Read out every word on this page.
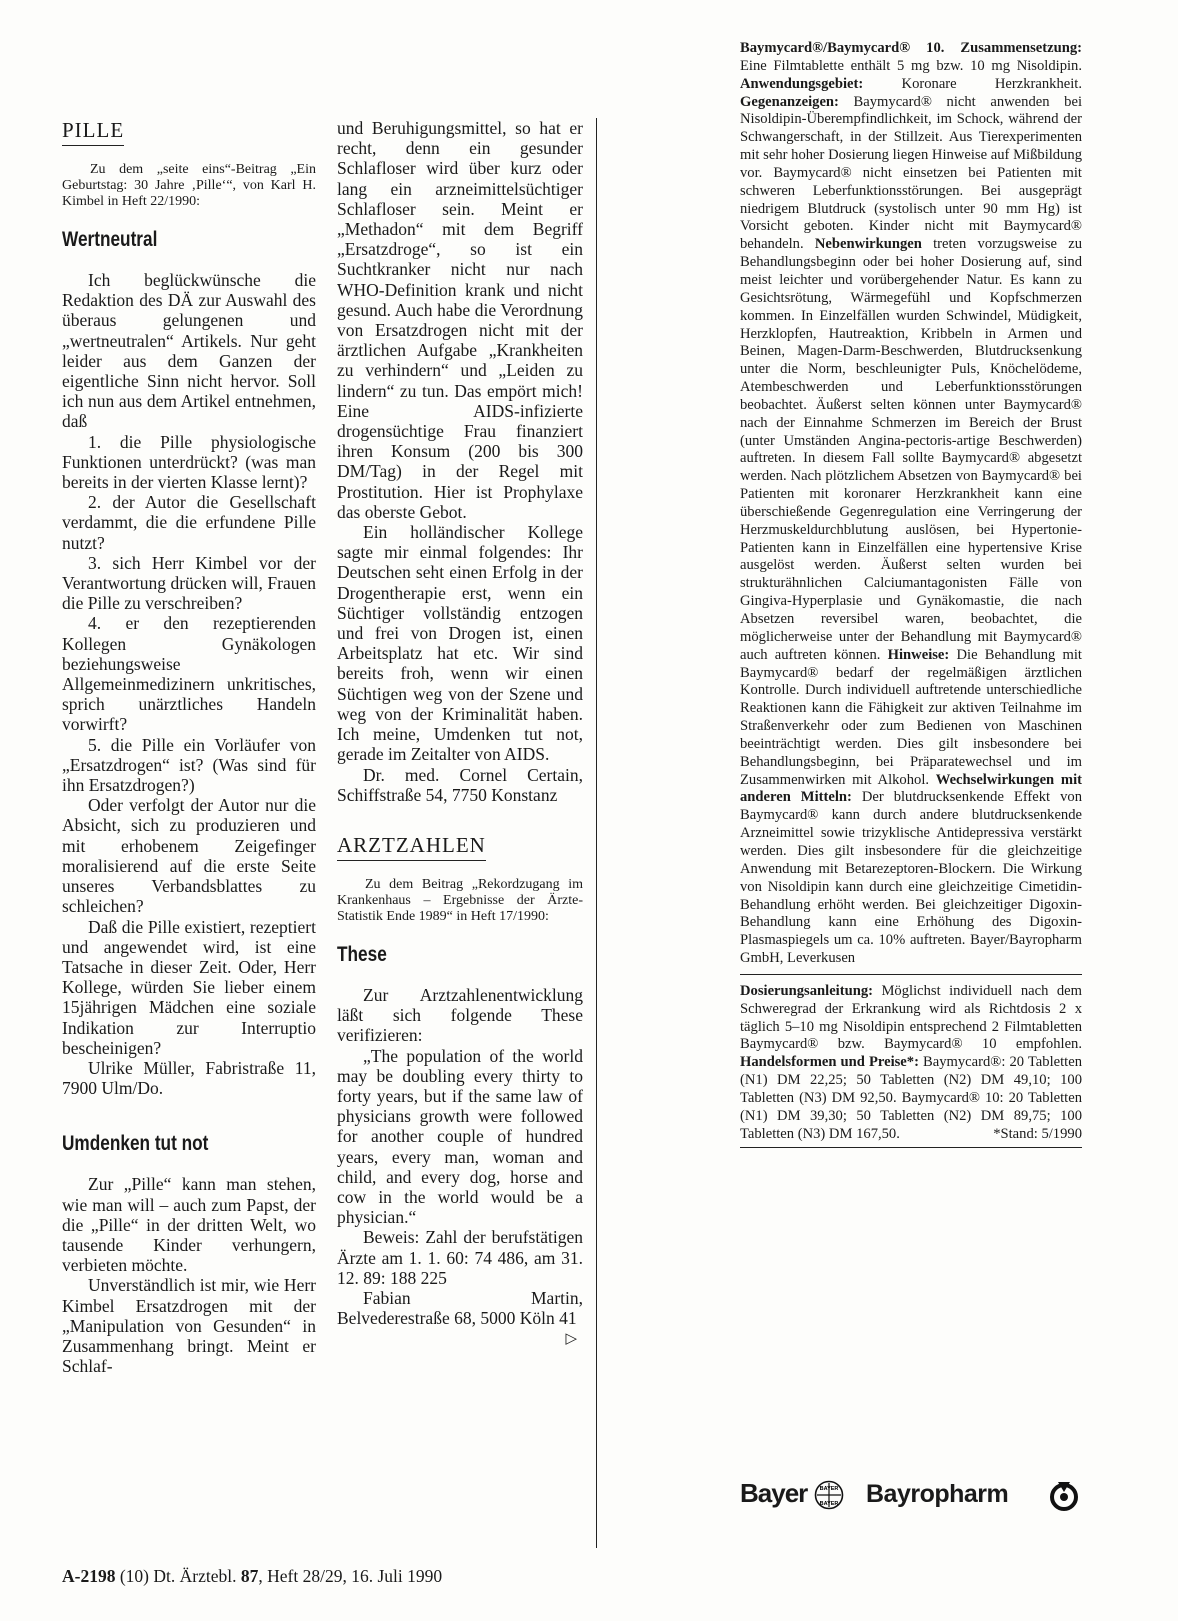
PILLE

Zu dem „seite eins“-Beitrag „Ein Geburtstag: 30 Jahre ‚Pille‘“, von Karl H. Kimbel in Heft 22/1990:

Wertneutral

Ich beglückwünsche die Redaktion des DÄ zur Auswahl des überaus gelungenen und „wertneutralen“ Artikels. Nur geht leider aus dem Ganzen der eigentliche Sinn nicht hervor. Soll ich nun aus dem Artikel entnehmen, daß

1. die Pille physiologische Funktionen unterdrückt? (was man bereits in der vierten Klasse lernt)?

2. der Autor die Gesellschaft verdammt, die die erfundene Pille nutzt?

3. sich Herr Kimbel vor der Verantwortung drücken will, Frauen die Pille zu verschreiben?

4. er den rezeptierenden Kollegen Gynäkologen beziehungsweise Allgemeinmedizinern unkritisches, sprich unärztliches Handeln vorwirft?

5. die Pille ein Vorläufer von „Ersatzdrogen“ ist? (Was sind für ihn Ersatzdrogen?)

Oder verfolgt der Autor nur die Absicht, sich zu produzieren und mit erhobenem Zeigefinger moralisierend auf die erste Seite unseres Verbandsblattes zu schleichen?

Daß die Pille existiert, rezeptiert und angewendet wird, ist eine Tatsache in dieser Zeit. Oder, Herr Kollege, würden Sie lieber einem 15jährigen Mädchen eine soziale Indikation zur Interruptio bescheinigen?

Ulrike Müller, Fabristraße 11, 7900 Ulm/Do.

Umdenken tut not

Zur „Pille“ kann man stehen, wie man will – auch zum Papst, der die „Pille“ in der dritten Welt, wo tausende Kinder verhungern, verbieten möchte.

Unverständlich ist mir, wie Herr Kimbel Ersatzdrogen mit der „Manipulation von Gesunden“ in Zusammenhang bringt. Meint er Schlaf-

und Beruhigungsmittel, so hat er recht, denn ein gesunder Schlafloser wird über kurz oder lang ein arzneimittelsüchtiger Schlafloser sein. Meint er „Methadon“ mit dem Begriff „Ersatzdroge“, so ist ein Suchtkranker nicht nur nach WHO-Definition krank und nicht gesund. Auch habe die Verordnung von Ersatzdrogen nicht mit der ärztlichen Aufgabe „Krankheiten zu verhindern“ und „Leiden zu lindern“ zu tun. Das empört mich! Eine AIDS-infizierte drogensüchtige Frau finanziert ihren Konsum (200 bis 300 DM/Tag) in der Regel mit Prostitution. Hier ist Prophylaxe das oberste Gebot.

Ein holländischer Kollege sagte mir einmal folgendes: Ihr Deutschen seht einen Erfolg in der Drogentherapie erst, wenn ein Süchtiger vollständig entzogen und frei von Drogen ist, einen Arbeitsplatz hat etc. Wir sind bereits froh, wenn wir einen Süchtigen weg von der Szene und weg von der Kriminalität haben. Ich meine, Umdenken tut not, gerade im Zeitalter von AIDS.

Dr. med. Cornel Certain, Schiffstraße 54, 7750 Konstanz

ARZTZAHLEN

Zu dem Beitrag „Rekordzugang im Krankenhaus – Ergebnisse der Ärzte-Statistik Ende 1989“ in Heft 17/1990:

These

Zur Arztzahlenentwicklung läßt sich folgende These verifizieren:

„The population of the world may be doubling every thirty to forty years, but if the same law of physicians growth were followed for another couple of hundred years, every man, woman and child, and every dog, horse and cow in the world would be a physician.“

Beweis: Zahl der berufstätigen Ärzte am 1. 1. 60: 74 486, am 31. 12. 89: 188 225

Fabian Martin, Belvederestraße 68, 5000 Köln 41
▷

Baymycard®/Baymycard® 10. Zusammensetzung: Eine Filmtablette enthält 5 mg bzw. 10 mg Nisoldipin. Anwendungsgebiet: Koronare Herzkrankheit. Gegenanzeigen: Baymycard® nicht anwenden bei Nisoldipin-Überempfindlichkeit, im Schock, während der Schwangerschaft, in der Stillzeit. Aus Tierexperimenten mit sehr hoher Dosierung liegen Hinweise auf Mißbildung vor. Baymycard® nicht einsetzen bei Patienten mit schweren Leberfunktionsstörungen. Bei ausgeprägt niedrigem Blutdruck (systolisch unter 90 mm Hg) ist Vorsicht geboten. Kinder nicht mit Baymycard® behandeln. Nebenwirkungen treten vorzugsweise zu Behandlungsbeginn oder bei hoher Dosierung auf, sind meist leichter und vorübergehender Natur. Es kann zu Gesichtsrötung, Wärmegefühl und Kopfschmerzen kommen. In Einzelfällen wurden Schwindel, Müdigkeit, Herzklopfen, Hautreaktion, Kribbeln in Armen und Beinen, Magen-Darm-Beschwerden, Blutdrucksenkung unter die Norm, beschleunigter Puls, Knöchelödeme, Atembeschwerden und Leberfunktionsstörungen beobachtet. Äußerst selten können unter Baymycard® nach der Einnahme Schmerzen im Bereich der Brust (unter Umständen Angina-pectoris-artige Beschwerden) auftreten. In diesem Fall sollte Baymycard® abgesetzt werden. Nach plötzlichem Absetzen von Baymycard® bei Patienten mit koronarer Herzkrankheit kann eine überschießende Gegenregulation eine Verringerung der Herzmuskeldurchblutung auslösen, bei Hypertonie-Patienten kann in Einzelfällen eine hypertensive Krise ausgelöst werden. Äußerst selten wurden bei strukturähnlichen Calciumantagonisten Fälle von Gingiva-Hyperplasie und Gynäkomastie, die nach Absetzen reversibel waren, beobachtet, die möglicherweise unter der Behandlung mit Baymycard® auch auftreten können. Hinweise: Die Behandlung mit Baymycard® bedarf der regelmäßigen ärztlichen Kontrolle. Durch individuell auftretende unterschiedliche Reaktionen kann die Fähigkeit zur aktiven Teilnahme im Straßenverkehr oder zum Bedienen von Maschinen beeinträchtigt werden. Dies gilt insbesondere bei Behandlungsbeginn, bei Präparatewechsel und im Zusammenwirken mit Alkohol. Wechselwirkungen mit anderen Mitteln: Der blutdrucksenkende Effekt von Baymycard® kann durch andere blutdrucksenkende Arzneimittel sowie trizyklische Antidepressiva verstärkt werden. Dies gilt insbesondere für die gleichzeitige Anwendung mit Betarezeptoren-Blockern. Die Wirkung von Nisoldipin kann durch eine gleichzeitige Cimetidin-Behandlung erhöht werden. Bei gleichzeitiger Digoxin-Behandlung kann eine Erhöhung des Digoxin-Plasmaspiegels um ca. 10% auftreten. Bayer/Bayropharm GmbH, Leverkusen

Dosierungsanleitung: Möglichst individuell nach dem Schweregrad der Erkrankung wird als Richtdosis 2 x täglich 5–10 mg Nisoldipin entsprechend 2 Filmtabletten Baymycard® bzw. Baymycard® 10 empfohlen. Handelsformen und Preise*: Baymycard®: 20 Tabletten (N1) DM 22,25; 50 Tabletten (N2) DM 49,10; 100 Tabletten (N3) DM 92,50. Baymycard® 10: 20 Tabletten (N1) DM 39,30; 50 Tabletten (N2) DM 89,75; 100 Tabletten (N3) DM 167,50.	*Stand: 5/1990

Bayer BAYER
BAYER Bayropharm
A-2198 (10) Dt. Ärztebl. 87, Heft 28/29, 16. Juli 1990
